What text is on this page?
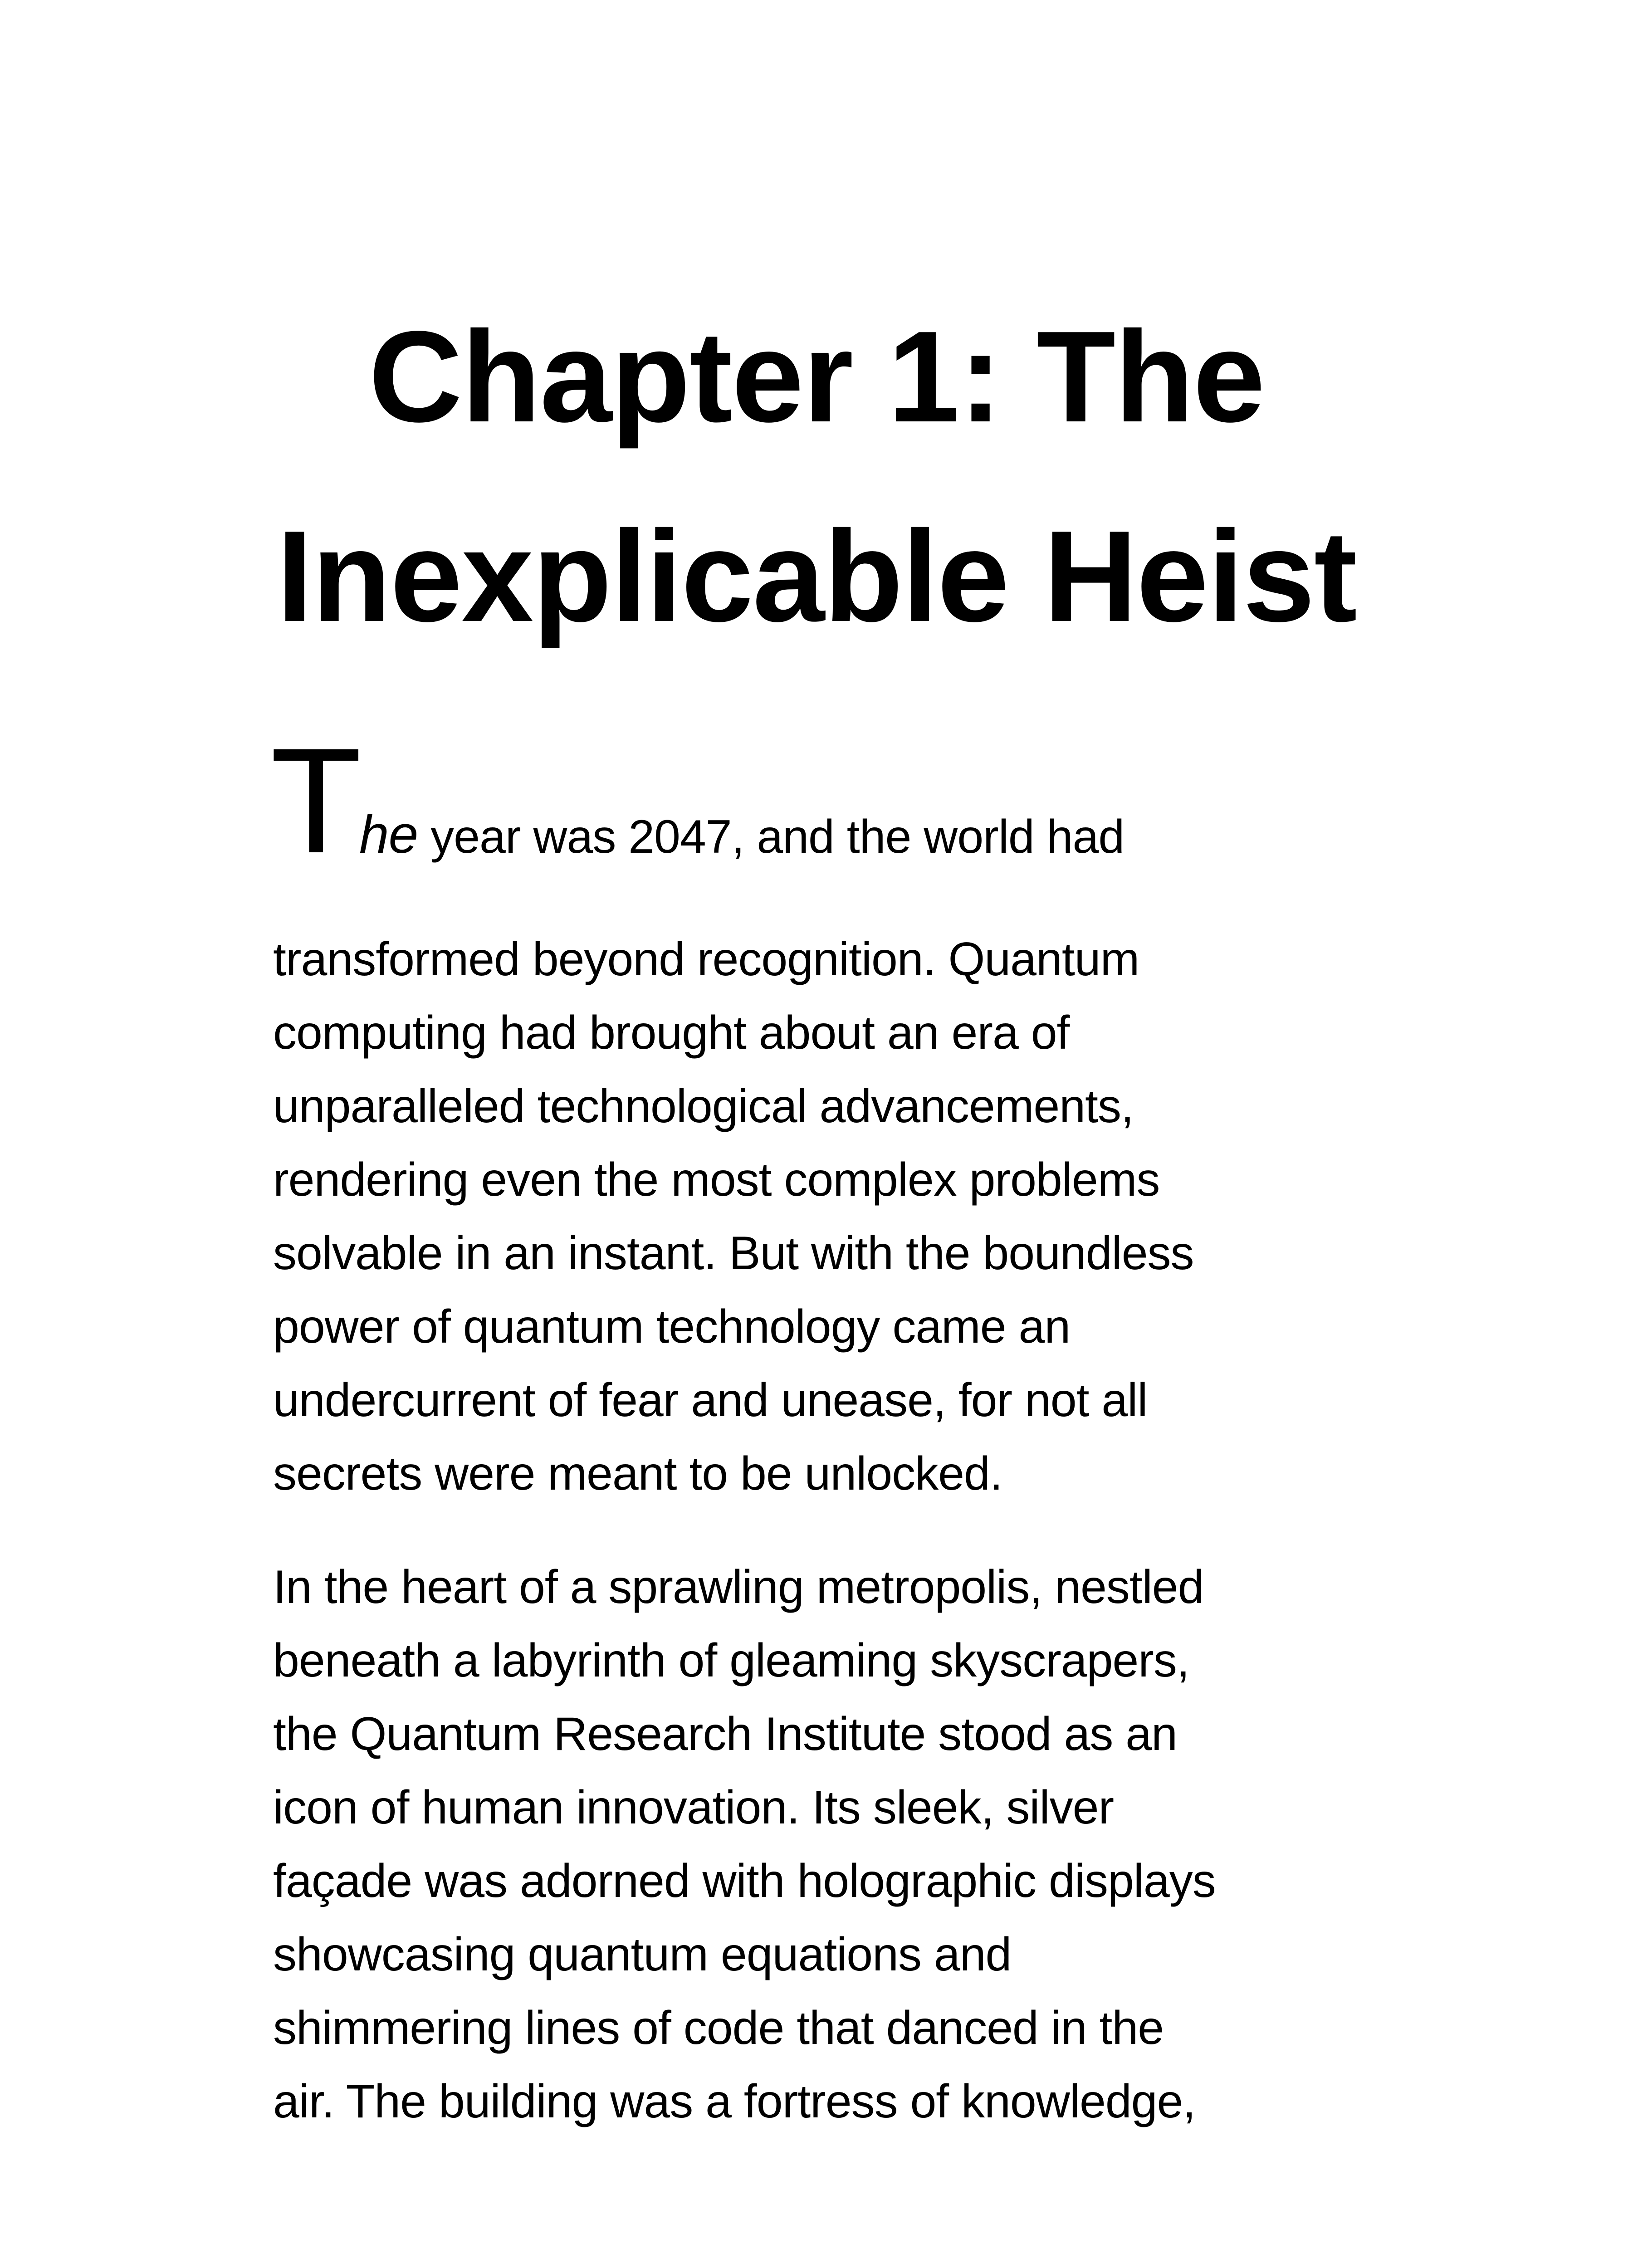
Chapter 1: The
Inexplicable Heist
T
he year was 2047, and the world had
transformed beyond recognition. Quantum
computing had brought about an era of
unparalleled technological advancements,
rendering even the most complex problems
solvable in an instant. But with the boundless
power of quantum technology came an
undercurrent of fear and unease, for not all
secrets were meant to be unlocked.
In the heart of a sprawling metropolis, nestled
beneath a labyrinth of gleaming skyscrapers,
the Quantum Research Institute stood as an
icon of human innovation. Its sleek, silver
façade was adorned with holographic displays
showcasing quantum equations and
shimmering lines of code that danced in the
air. The building was a fortress of knowledge,
